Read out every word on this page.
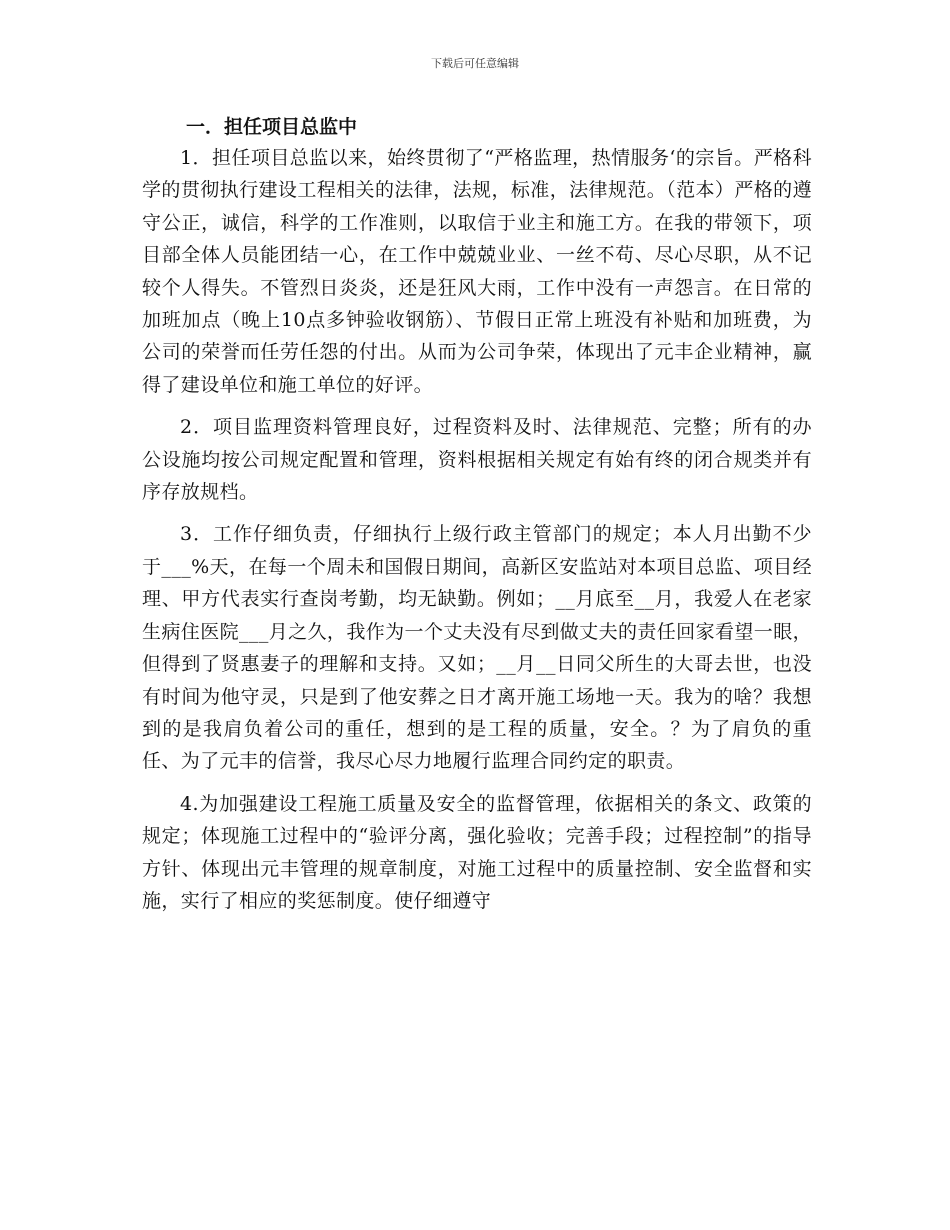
下载后可任意编辑
一．担任项目总监中

1．担任项目总监以来，始终贯彻了“严格监理，热情服务‘的宗旨。严格科学的贯彻执行建设工程相关的法律，法规，标准，法律规范。（范本）严格的遵守公正，诚信，科学的工作准则，以取信于业主和施工方。在我的带领下，项目部全体人员能团结一心，在工作中兢兢业业、一丝不苟、尽心尽职，从不记较个人得失。不管烈日炎炎，还是狂风大雨，工作中没有一声怨言。在日常的加班加点（晚上10点多钟验收钢筋）、节假日正常上班没有补贴和加班费，为公司的荣誉而任劳任怨的付出。从而为公司争荣，体现出了元丰企业精神，赢得了建设单位和施工单位的好评。

2．项目监理资料管理良好，过程资料及时、法律规范、完整；所有的办公设施均按公司规定配置和管理，资料根据相关规定有始有终的闭合规类并有序存放规档。

3．工作仔细负责，仔细执行上级行政主管部门的规定；本人月出勤不少于___%天，在每一个周未和国假日期间，高新区安监站对本项目总监、项目经理、甲方代表实行查岗考勤，均无缺勤。例如；__月底至__月，我爱人在老家生病住医院___月之久，我作为一个丈夫没有尽到做丈夫的责任回家看望一眼，但得到了贤惠妻子的理解和支持。又如；__月__日同父所生的大哥去世，也没有时间为他守灵，只是到了他安葬之日才离开施工场地一天。我为的啥？我想到的是我肩负着公司的重任，想到的是工程的质量，安全。？为了肩负的重任、为了元丰的信誉，我尽心尽力地履行监理合同约定的职责。

4.为加强建设工程施工质量及安全的监督管理，依据相关的条文、政策的规定；体现施工过程中的“验评分离，强化验收；完善手段；过程控制”的指导方针、体现出元丰管理的规章制度，对施工过程中的质量控制、安全监督和实施，实行了相应的奖惩制度。使仔细遵守
